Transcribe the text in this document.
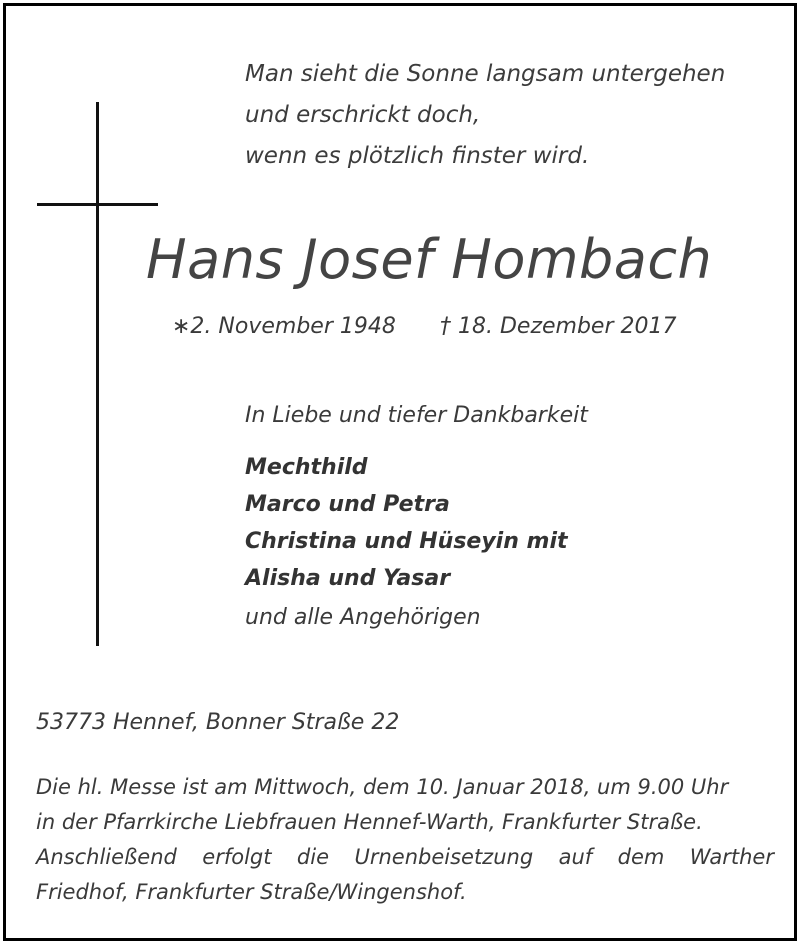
Man sieht die Sonne langsam untergehen
und erschrickt doch,
wenn es plötzlich finster wird.
Hans Josef Hombach
∗2. November 1948 † 18. Dezember 2017
In Liebe und tiefer Dankbarkeit
Mechthild
Marco und Petra
Christina und Hüseyin mit
Alisha und Yasar
und alle Angehörigen
53773 Hennef, Bonner Straße 22
Die hl. Messe ist am Mittwoch, dem 10. Januar 2018, um 9.00 Uhr
in der Pfarrkirche Liebfrauen Hennef-Warth, Frankfurter Straße.
Anschließend erfolgt die Urnenbeisetzung auf dem Warther
Friedhof, Frankfurter Straße/Wingenshof.
